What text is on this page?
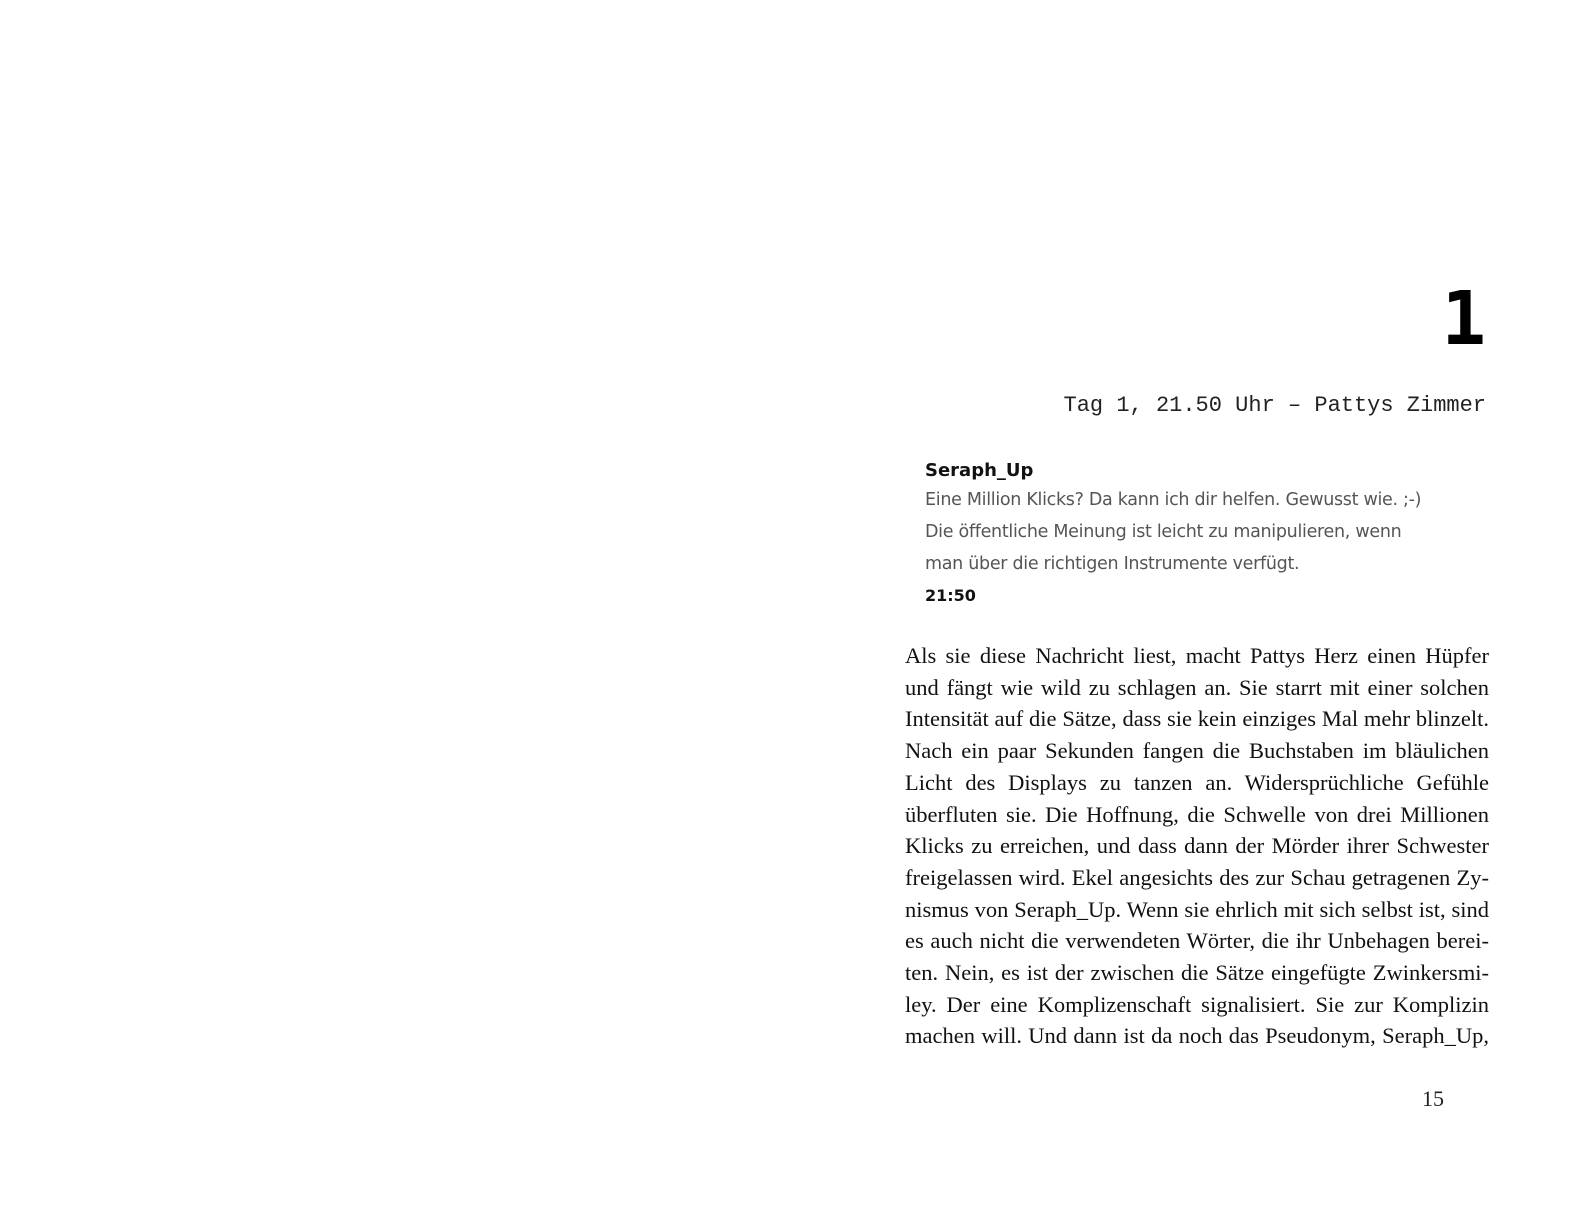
1
Tag 1, 21.50 Uhr – Pattys Zimmer
Seraph_Up
Eine Million Klicks? Da kann ich dir helfen. Gewusst wie. ;-)
Die öffentliche Meinung ist leicht zu manipulieren, wenn
man über die richtigen Instrumente verfügt.
21:50
Als sie diese Nachricht liest, macht Pattys Herz einen Hüpfer
und fängt wie wild zu schlagen an. Sie starrt mit einer solchen
Intensität auf die Sätze, dass sie kein einziges Mal mehr blinzelt.
Nach ein paar Sekunden fangen die Buchstaben im bläulichen
Licht des Displays zu tanzen an. Widersprüchliche Gefühle
überfluten sie. Die Hoffnung, die Schwelle von drei Millionen
Klicks zu erreichen, und dass dann der Mörder ihrer Schwester
freigelassen wird. Ekel angesichts des zur Schau getragenen Zy-
nismus von Seraph_Up. Wenn sie ehrlich mit sich selbst ist, sind
es auch nicht die verwendeten Wörter, die ihr Unbehagen berei-
ten. Nein, es ist der zwischen die Sätze eingefügte Zwinkersmi-
ley. Der eine Komplizenschaft signalisiert. Sie zur Komplizin
machen will. Und dann ist da noch das Pseudonym, Seraph_Up,
15
